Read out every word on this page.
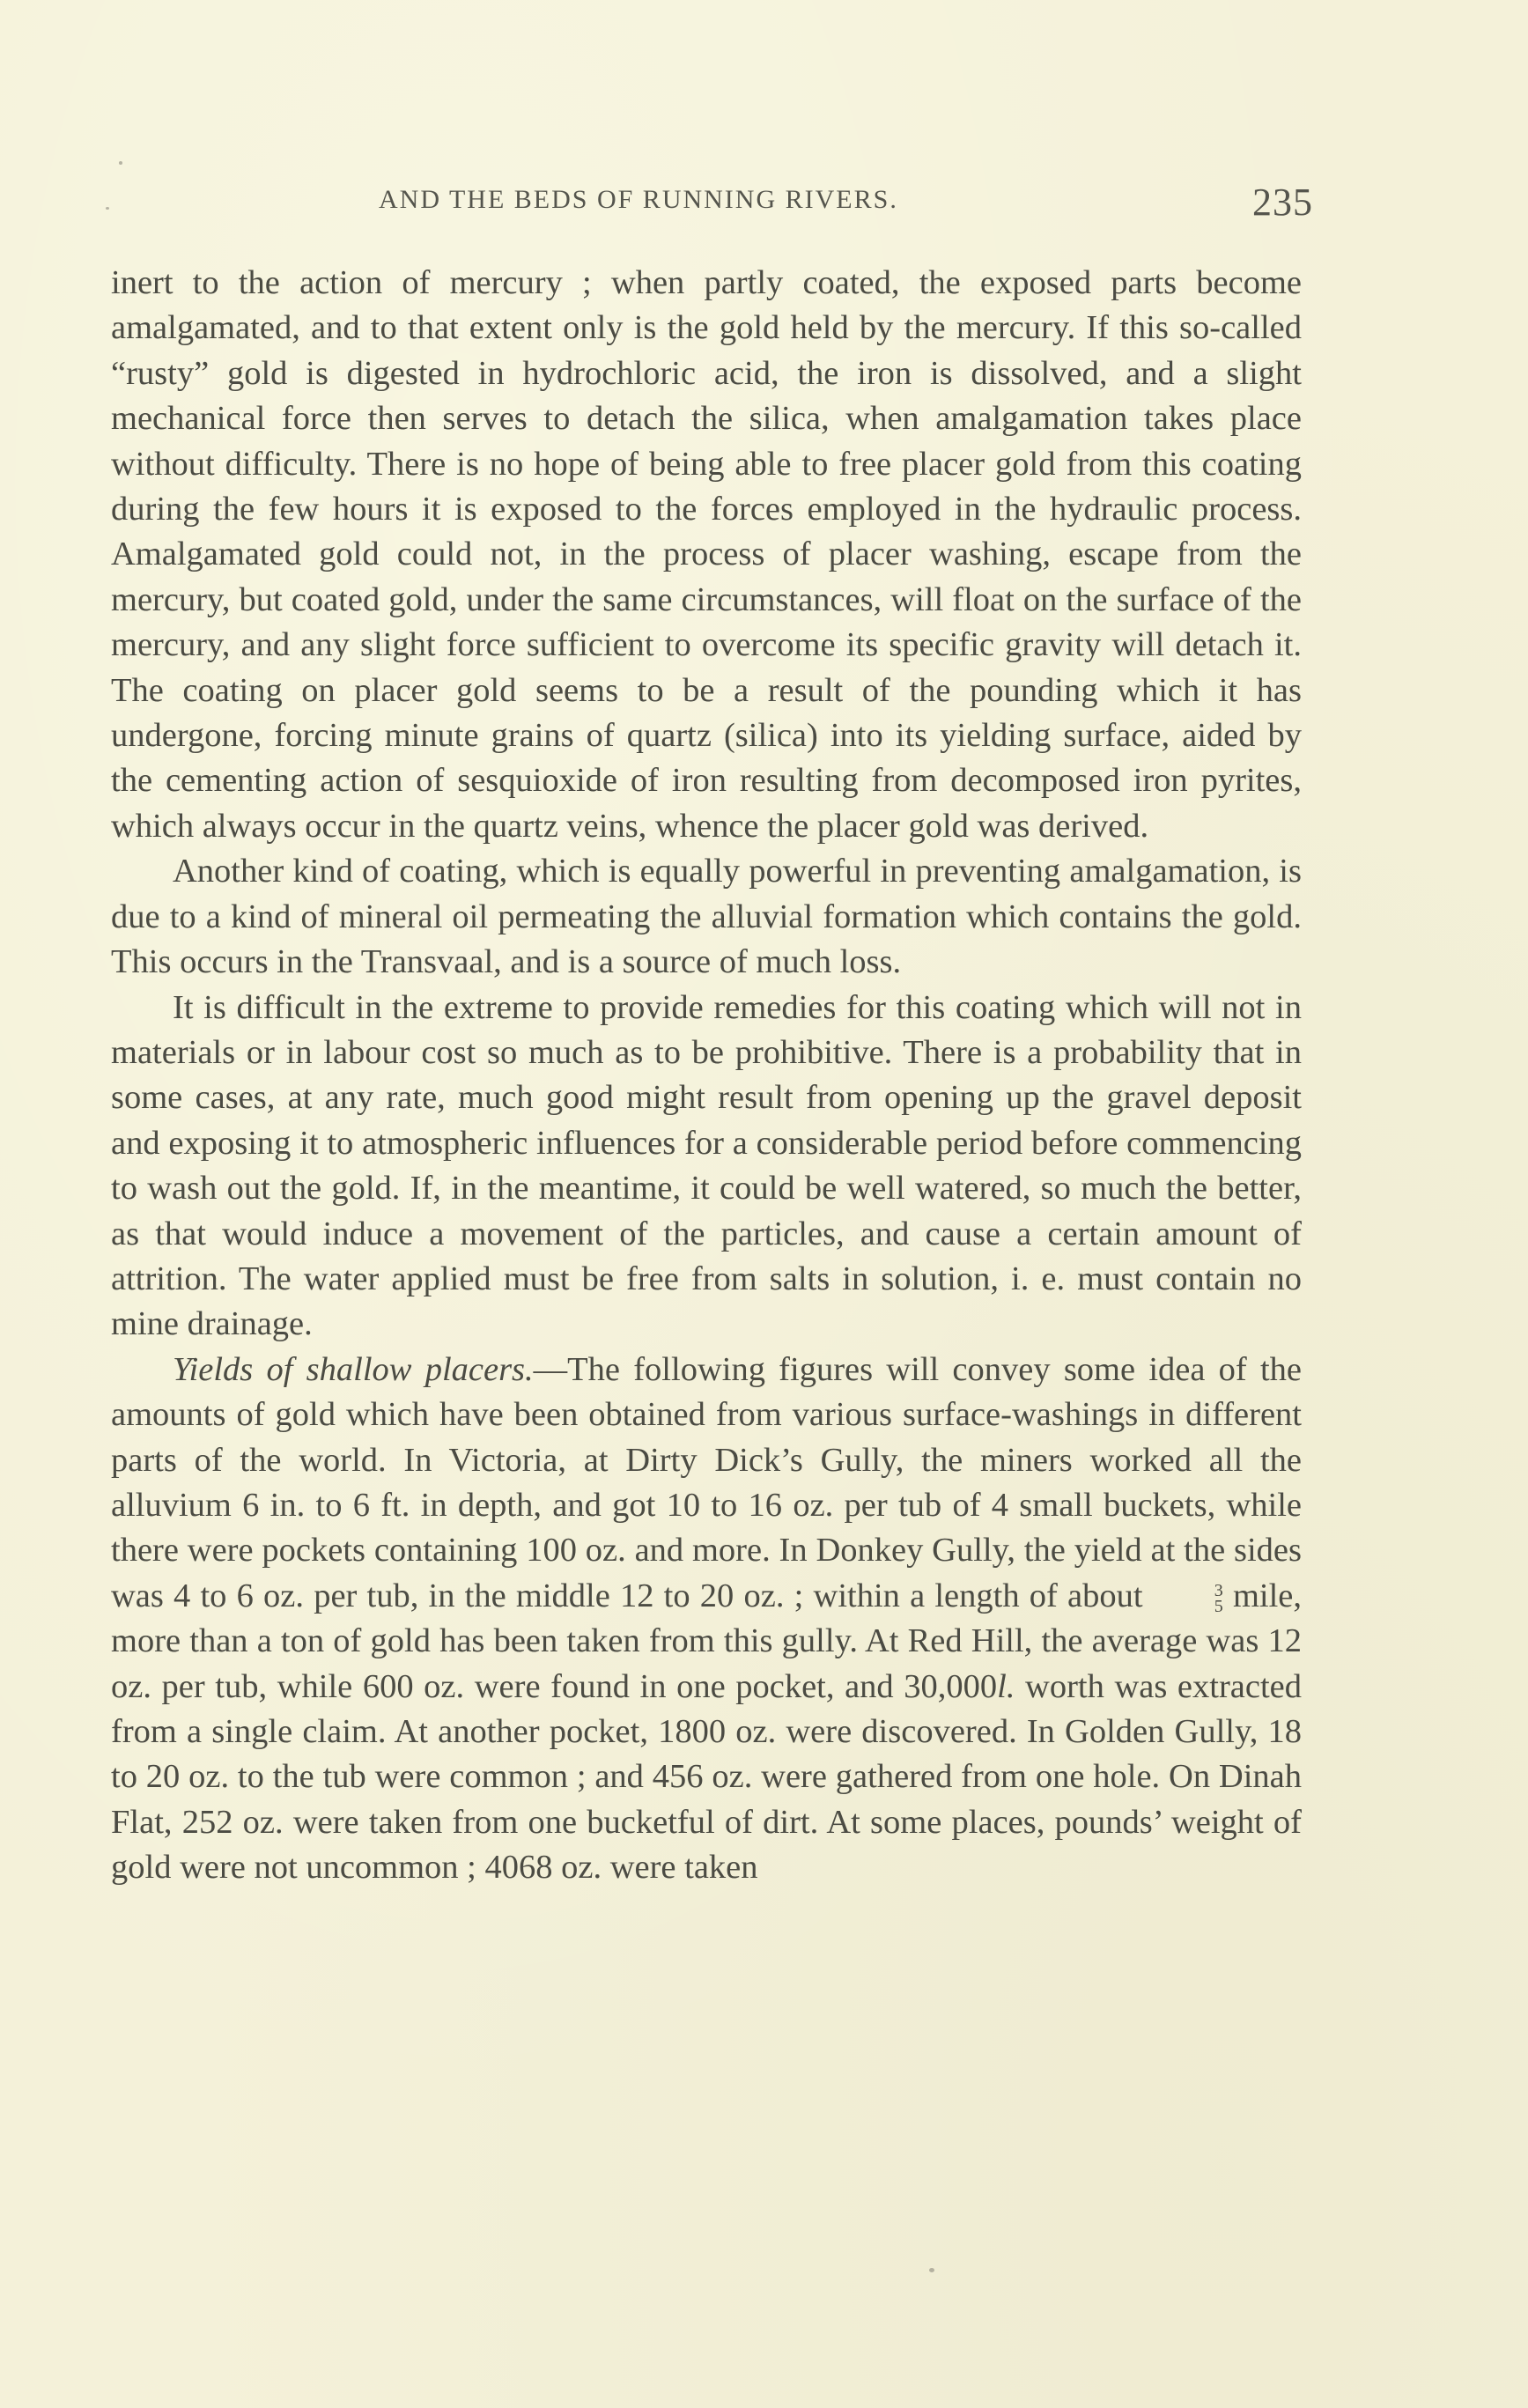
AND THE BEDS OF RUNNING RIVERS.	235

inert to the action of mercury ; when partly coated, the exposed parts become amalgamated, and to that extent only is the gold held by the mercury. If this so-called “rusty” gold is digested in hydrochloric acid, the iron is dissolved, and a slight mechanical force then serves to detach the silica, when amalgamation takes place without difficulty. There is no hope of being able to free placer gold from this coating during the few hours it is exposed to the forces employed in the hydraulic process. Amalgamated gold could not, in the process of placer washing, escape from the mercury, but coated gold, under the same circumstances, will float on the surface of the mercury, and any slight force sufficient to overcome its specific gravity will detach it. The coating on placer gold seems to be a result of the pounding which it has undergone, forcing minute grains of quartz (silica) into its yielding surface, aided by the cementing action of sesquioxide of iron resulting from decomposed iron pyrites, which always occur in the quartz veins, whence the placer gold was derived.

Another kind of coating, which is equally powerful in preventing amalgamation, is due to a kind of mineral oil permeating the alluvial formation which contains the gold. This occurs in the Transvaal, and is a source of much loss.

It is difficult in the extreme to provide remedies for this coating which will not in materials or in labour cost so much as to be prohibitive. There is a probability that in some cases, at any rate, much good might result from opening up the gravel deposit and exposing it to atmospheric influences for a considerable period before commencing to wash out the gold. If, in the meantime, it could be well watered, so much the better, as that would induce a movement of the particles, and cause a certain amount of attrition. The water applied must be free from salts in solution, i. e. must contain no mine drainage.

Yields of shallow placers.—The following figures will convey some idea of the amounts of gold which have been obtained from various surface-washings in different parts of the world. In Victoria, at Dirty Dick’s Gully, the miners worked all the alluvium 6 in. to 6 ft. in depth, and got 10 to 16 oz. per tub of 4 small buckets, while there were pockets containing 100 oz. and more. In Donkey Gully, the yield at the sides was 4 to 6 oz. per tub, in the middle 12 to 20 oz. ; within a length of about	3
5 mile, more than a ton of gold has been taken from this gully. At Red Hill, the average was 12 oz. per tub, while 600 oz. were found in one pocket, and 30,000l. worth was extracted from a single claim. At another pocket, 1800 oz. were discovered. In Golden Gully, 18 to 20 oz. to the tub were common ; and 456 oz. were gathered from one hole. On Dinah Flat, 252 oz. were taken from one bucketful of dirt. At some places, pounds’ weight of gold were not uncommon ; 4068 oz. were taken
